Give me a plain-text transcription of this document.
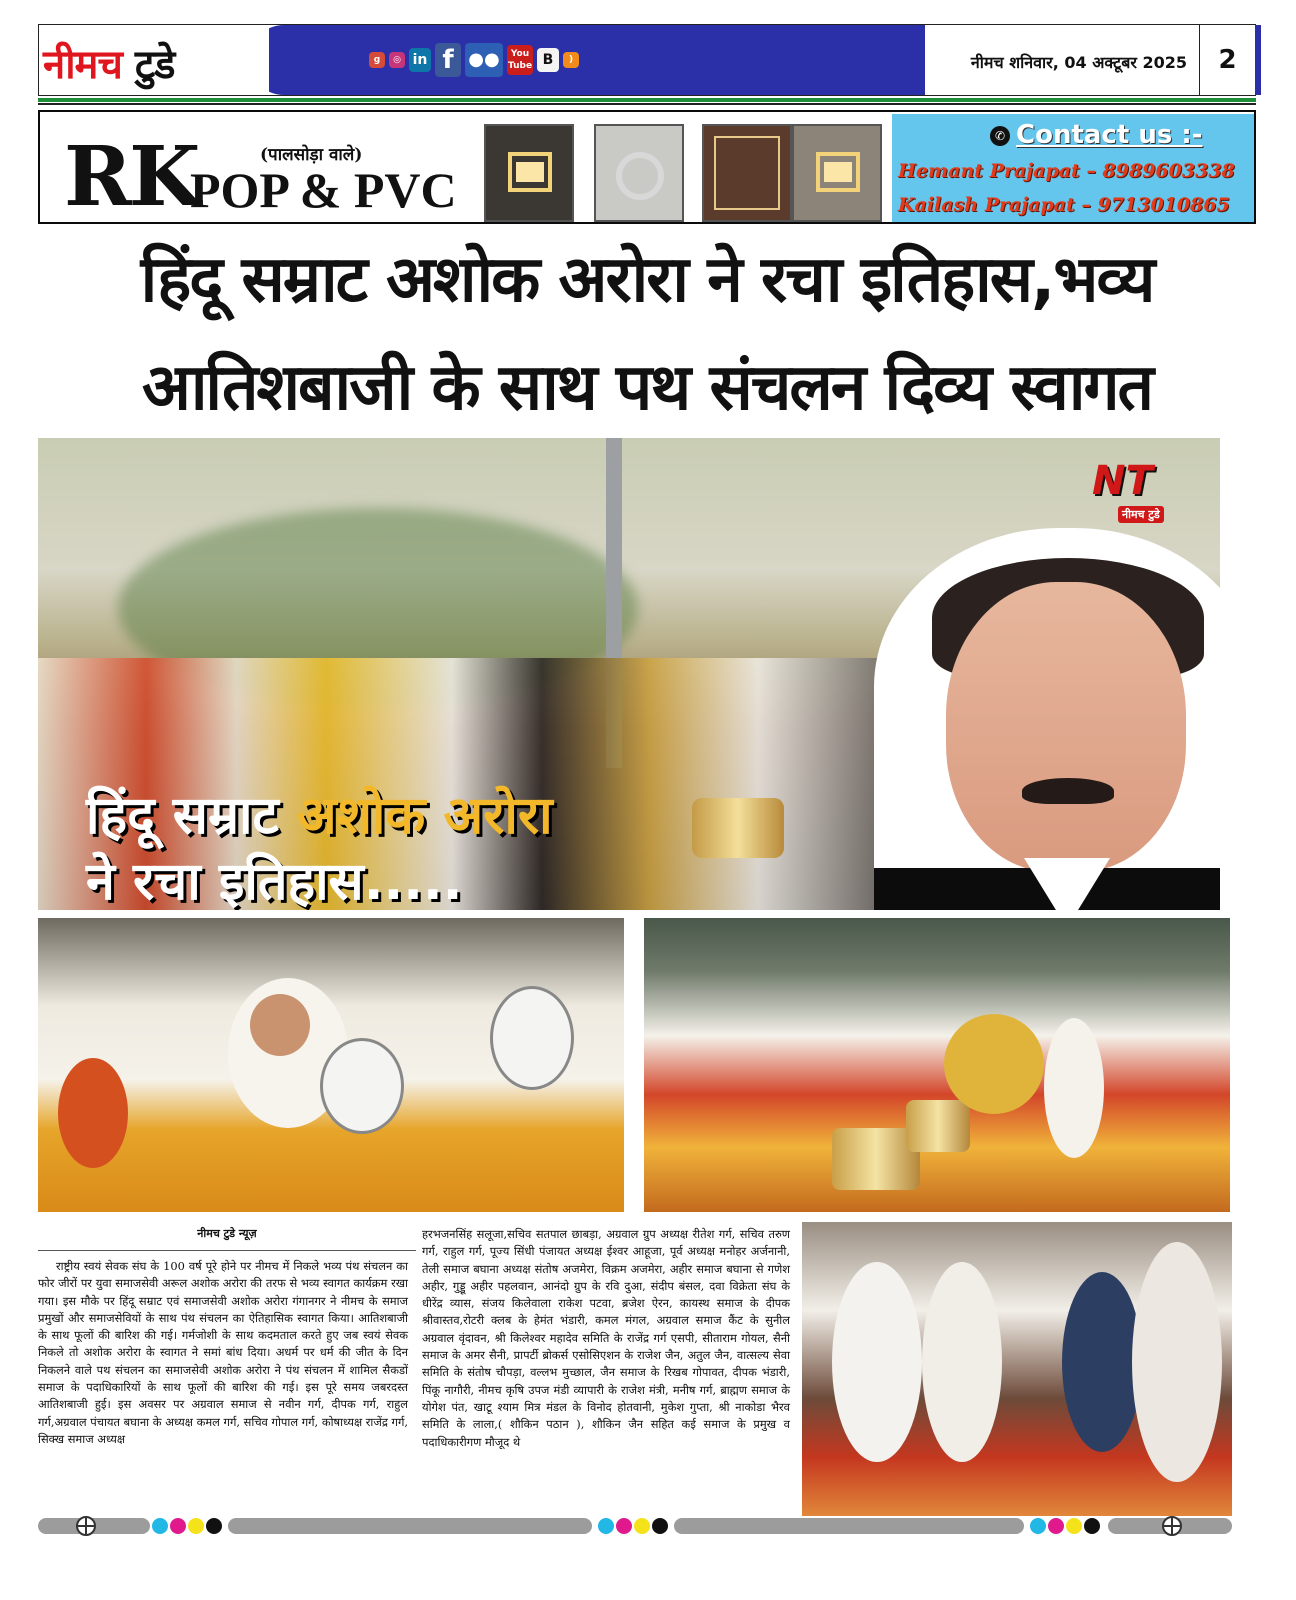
नीमच टुडे	g	◎ in f ●●	You
Tube B	)	नीमच शनिवार, 04 अक्टूबर 2025	2
RK	(पालसोड़ा वाले)
POP & PVC
✆ Contact us :-
Hemant Prajapat – 8989603338
Kailash Prajapat – 9713010865
हिंदू सम्राट अशोक अरोरा ने रचा इतिहास,भव्य
आतिशबाजी के साथ पथ संचलन दिव्य स्वागत
NT
नीमच टुडे
हिंदू सम्राट अशोक अरोरा
ने रचा इतिहास.....
नीमच टुडे न्यूज़
राष्ट्रीय स्वयं सेवक संघ के 100 वर्ष पूरे होने पर नीमच में निकले भव्य पंथ संचलन का फोर जीरों पर युवा समाजसेवी अरूल अशोक अरोरा की तरफ से भव्य स्वागत कार्यक्रम रखा गया। इस मौके पर हिंदू सम्राट एवं समाजसेवी अशोक अरोरा गंगानगर ने नीमच के समाज प्रमुखों और समाजसेवियों के साथ पंथ संचलन का ऐतिहासिक स्वागत किया। आतिशबाजी के साथ फूलों की बारिश की गई। गर्मजोशी के साथ कदमताल करते हुए जब स्वयं सेवक निकले तो अशोक अरोरा के स्वागत ने समां बांध दिया। अधर्म पर धर्म की जीत के दिन निकलने वाले पथ संचलन का समाजसेवी अशोक अरोरा ने पंथ संचलन में शामिल सैकडों समाज के पदाधिकारियों के साथ फूलों की बारिश की गई। इस पूरे समय जबरदस्त आतिशबाजी हुई। इस अवसर पर अग्रवाल समाज से नवीन गर्ग, दीपक गर्ग, राहुल गर्ग,अग्रवाल पंचायत बघाना के अध्यक्ष कमल गर्ग, सचिव गोपाल गर्ग, कोषाध्यक्ष राजेंद्र गर्ग, सिक्ख समाज अध्यक्ष
हरभजनसिंह सलूजा,सचिव सतपाल छाबड़ा, अग्रवाल ग्रुप अध्यक्ष रीतेश गर्ग, सचिव तरुण गर्ग, राहुल गर्ग, पूज्य सिंधी पंजायत अध्यक्ष ईश्वर आहूजा, पूर्व अध्यक्ष मनोहर अर्जनानी, तेली समाज बघाना अध्यक्ष संतोष अजमेरा, विक्रम अजमेरा, अहीर समाज बघाना से गणेश अहीर, गुड्डू अहीर पहलवान, आनंदो ग्रुप के रवि दुआ, संदीप बंसल, दवा विक्रेता संघ के धीरेंद्र व्यास, संजय किलेवाला राकेश पटवा, ब्रजेश ऐरन, कायस्थ समाज के दीपक श्रीवास्तव,रोटरी क्लब के हेमंत भंडारी, कमल मंगल, अग्रवाल समाज कैंट के सुनील अग्रवाल वृंदावन, श्री किलेश्वर महादेव समिति के राजेंद्र गर्ग एसपी, सीताराम गोयल, सैनी समाज के अमर सैनी, प्रापर्टी ब्रोकर्स एसोसिएशन के राजेश जैन, अतुल जैन, वात्सल्य सेवा समिति के संतोष चौपड़ा, वल्लभ मुच्छाल, जैन समाज के रिखब गोपावत, दीपक भंडारी, पिंकू नागौरी, नीमच कृषि उपज मंडी व्यापारी के राजेश मंत्री, मनीष गर्ग, ब्राह्मण समाज के योगेश पंत, खाटू श्याम मित्र मंडल के विनोद होतवानी, मुकेश गुप्ता, श्री नाकोडा भैरव समिति के लाला,( शौकिन पठान ), शौकिन जैन सहित कई समाज के प्रमुख व पदाधिकारीगण मौजूद थे
